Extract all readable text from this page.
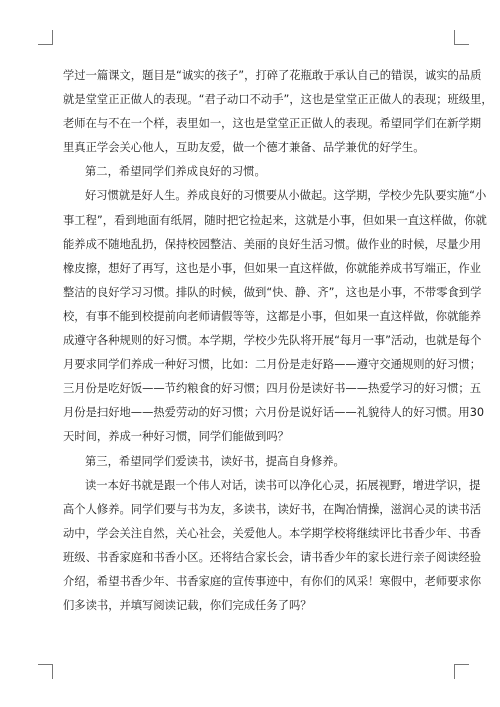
学过一篇课文，题目是“诚实的孩子”，打碎了花瓶敢于承认自己的错误，诚实的品质
就是堂堂正正做人的表现。“君子动口不动手”，这也是堂堂正正做人的表现；班级里，
老师在与不在一个样，表里如一，这也是堂堂正正做人的表现。希望同学们在新学期
里真正学会关心他人，互助友爱，做一个德才兼备、品学兼优的好学生。
第二，希望同学们养成良好的习惯。
好习惯就是好人生。养成良好的习惯要从小做起。这学期，学校少先队要实施“小
事工程”，看到地面有纸屑，随时把它捡起来，这就是小事，但如果一直这样做，你就
能养成不随地乱扔，保持校园整洁、美丽的良好生活习惯。做作业的时候，尽量少用
橡皮擦，想好了再写，这也是小事，但如果一直这样做，你就能养成书写端正，作业
整洁的良好学习习惯。排队的时候，做到“快、静、齐”，这也是小事，不带零食到学
校，有事不能到校提前向老师请假等等，这都是小事，但如果一直这样做，你就能养
成遵守各种规则的好习惯。本学期，学校少先队将开展“每月一事”活动，也就是每个
月要求同学们养成一种好习惯，比如：二月份是走好路——遵守交通规则的好习惯；
三月份是吃好饭——节约粮食的好习惯；四月份是读好书——热爱学习的好习惯；五
月份是扫好地——热爱劳动的好习惯；六月份是说好话——礼貌待人的好习惯。用30
天时间，养成一种好习惯，同学们能做到吗？
第三，希望同学们爱读书，读好书，提高自身修养。
读一本好书就是跟一个伟人对话，读书可以净化心灵，拓展视野，增进学识，提
高个人修养。同学们要与书为友，多读书，读好书，在陶冶情操，滋润心灵的读书活
动中，学会关注自然，关心社会，关爱他人。本学期学校将继续评比书香少年、书香
班级、书香家庭和书香小区。还将结合家长会，请书香少年的家长进行亲子阅读经验
介绍，希望书香少年、书香家庭的宣传事迹中，有你们的风采！寒假中，老师要求你
们多读书，并填写阅读记载，你们完成任务了吗？
